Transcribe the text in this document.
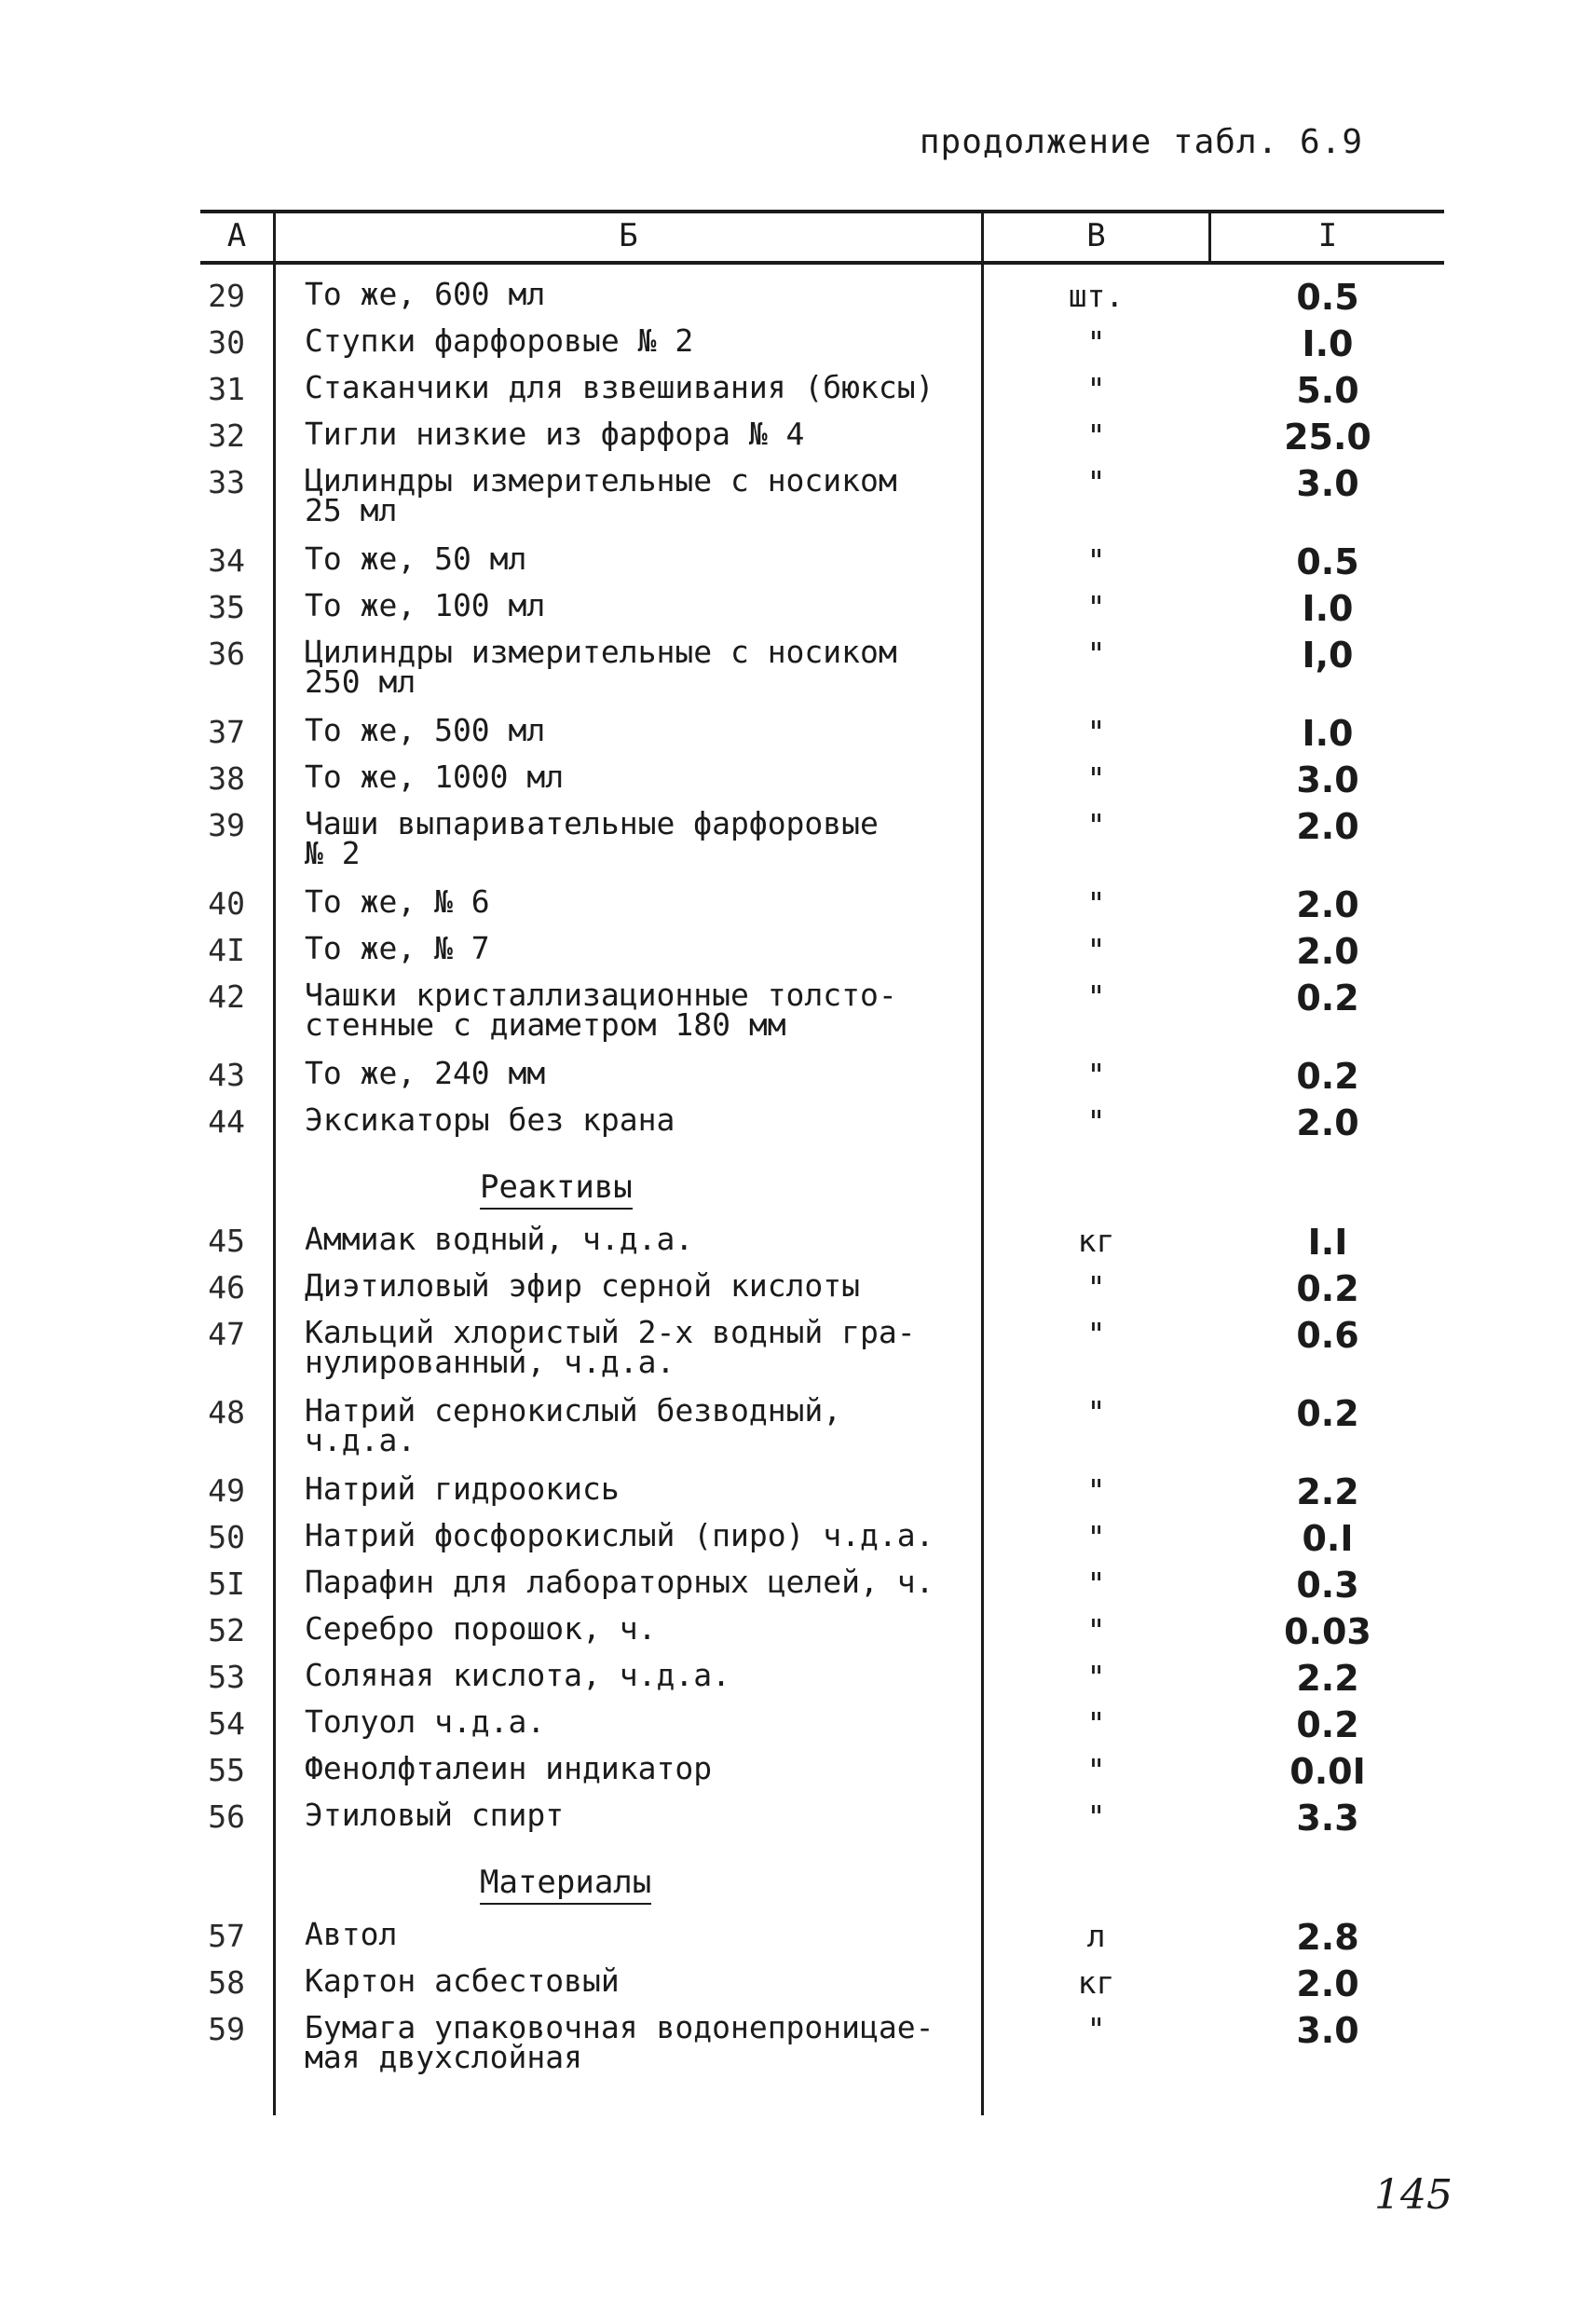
продолжение табл. 6.9
А	Б	В	I
29 То же, 600 мл	шт.	0.5
30 Ступки фарфоровые № 2	"	I.0
31 Стаканчики для взвешивания (бюксы)	"	5.0
32 Тигли низкие из фарфора № 4	"	25.0
33 Цилиндры измерительные с носиком
25 мл
"	3.0
34 То же, 50 мл	"	0.5
35 То же, 100 мл	"	I.0
36 Цилиндры измерительные с носиком
250 мл
"	I,0
37 То же, 500 мл	"	I.0
38 То же, 1000 мл	"	3.0
39 Чаши выпаривательные фарфоровые
№ 2
"	2.0
40 То же, № 6	"	2.0
4I То же, № 7	"	2.0
42 Чашки кристаллизационные толсто-
стенные с диаметром 180 мм
"	0.2
43 То же, 240 мм	"	0.2
44 Эксикаторы без крана	"	2.0
Реактивы
45 Аммиак водный, ч.д.а.	кг	I.I
46 Диэтиловый эфир серной кислоты	"	0.2
47 Кальций хлористый 2-х водный гра-
нулированный, ч.д.а.
"	0.6
48 Натрий сернокислый безводный,
ч.д.а.
"	0.2
49 Натрий гидроокись	"	2.2
50 Натрий фосфорокислый (пиро) ч.д.а.	"	0.I
5I Парафин для лабораторных целей, ч.	"	0.3
52 Серебро порошок, ч.	"	0.03
53 Соляная кислота, ч.д.а.	"	2.2
54 Толуол ч.д.а.	"	0.2
55 Фенолфталеин индикатор	"	0.0I
56 Этиловый спирт	"	3.3
Материалы
57 Автол	л	2.8
58 Картон асбестовый	кг	2.0
59 Бумага упаковочная водонепроницае-
мая двухслойная
"	3.0
145
